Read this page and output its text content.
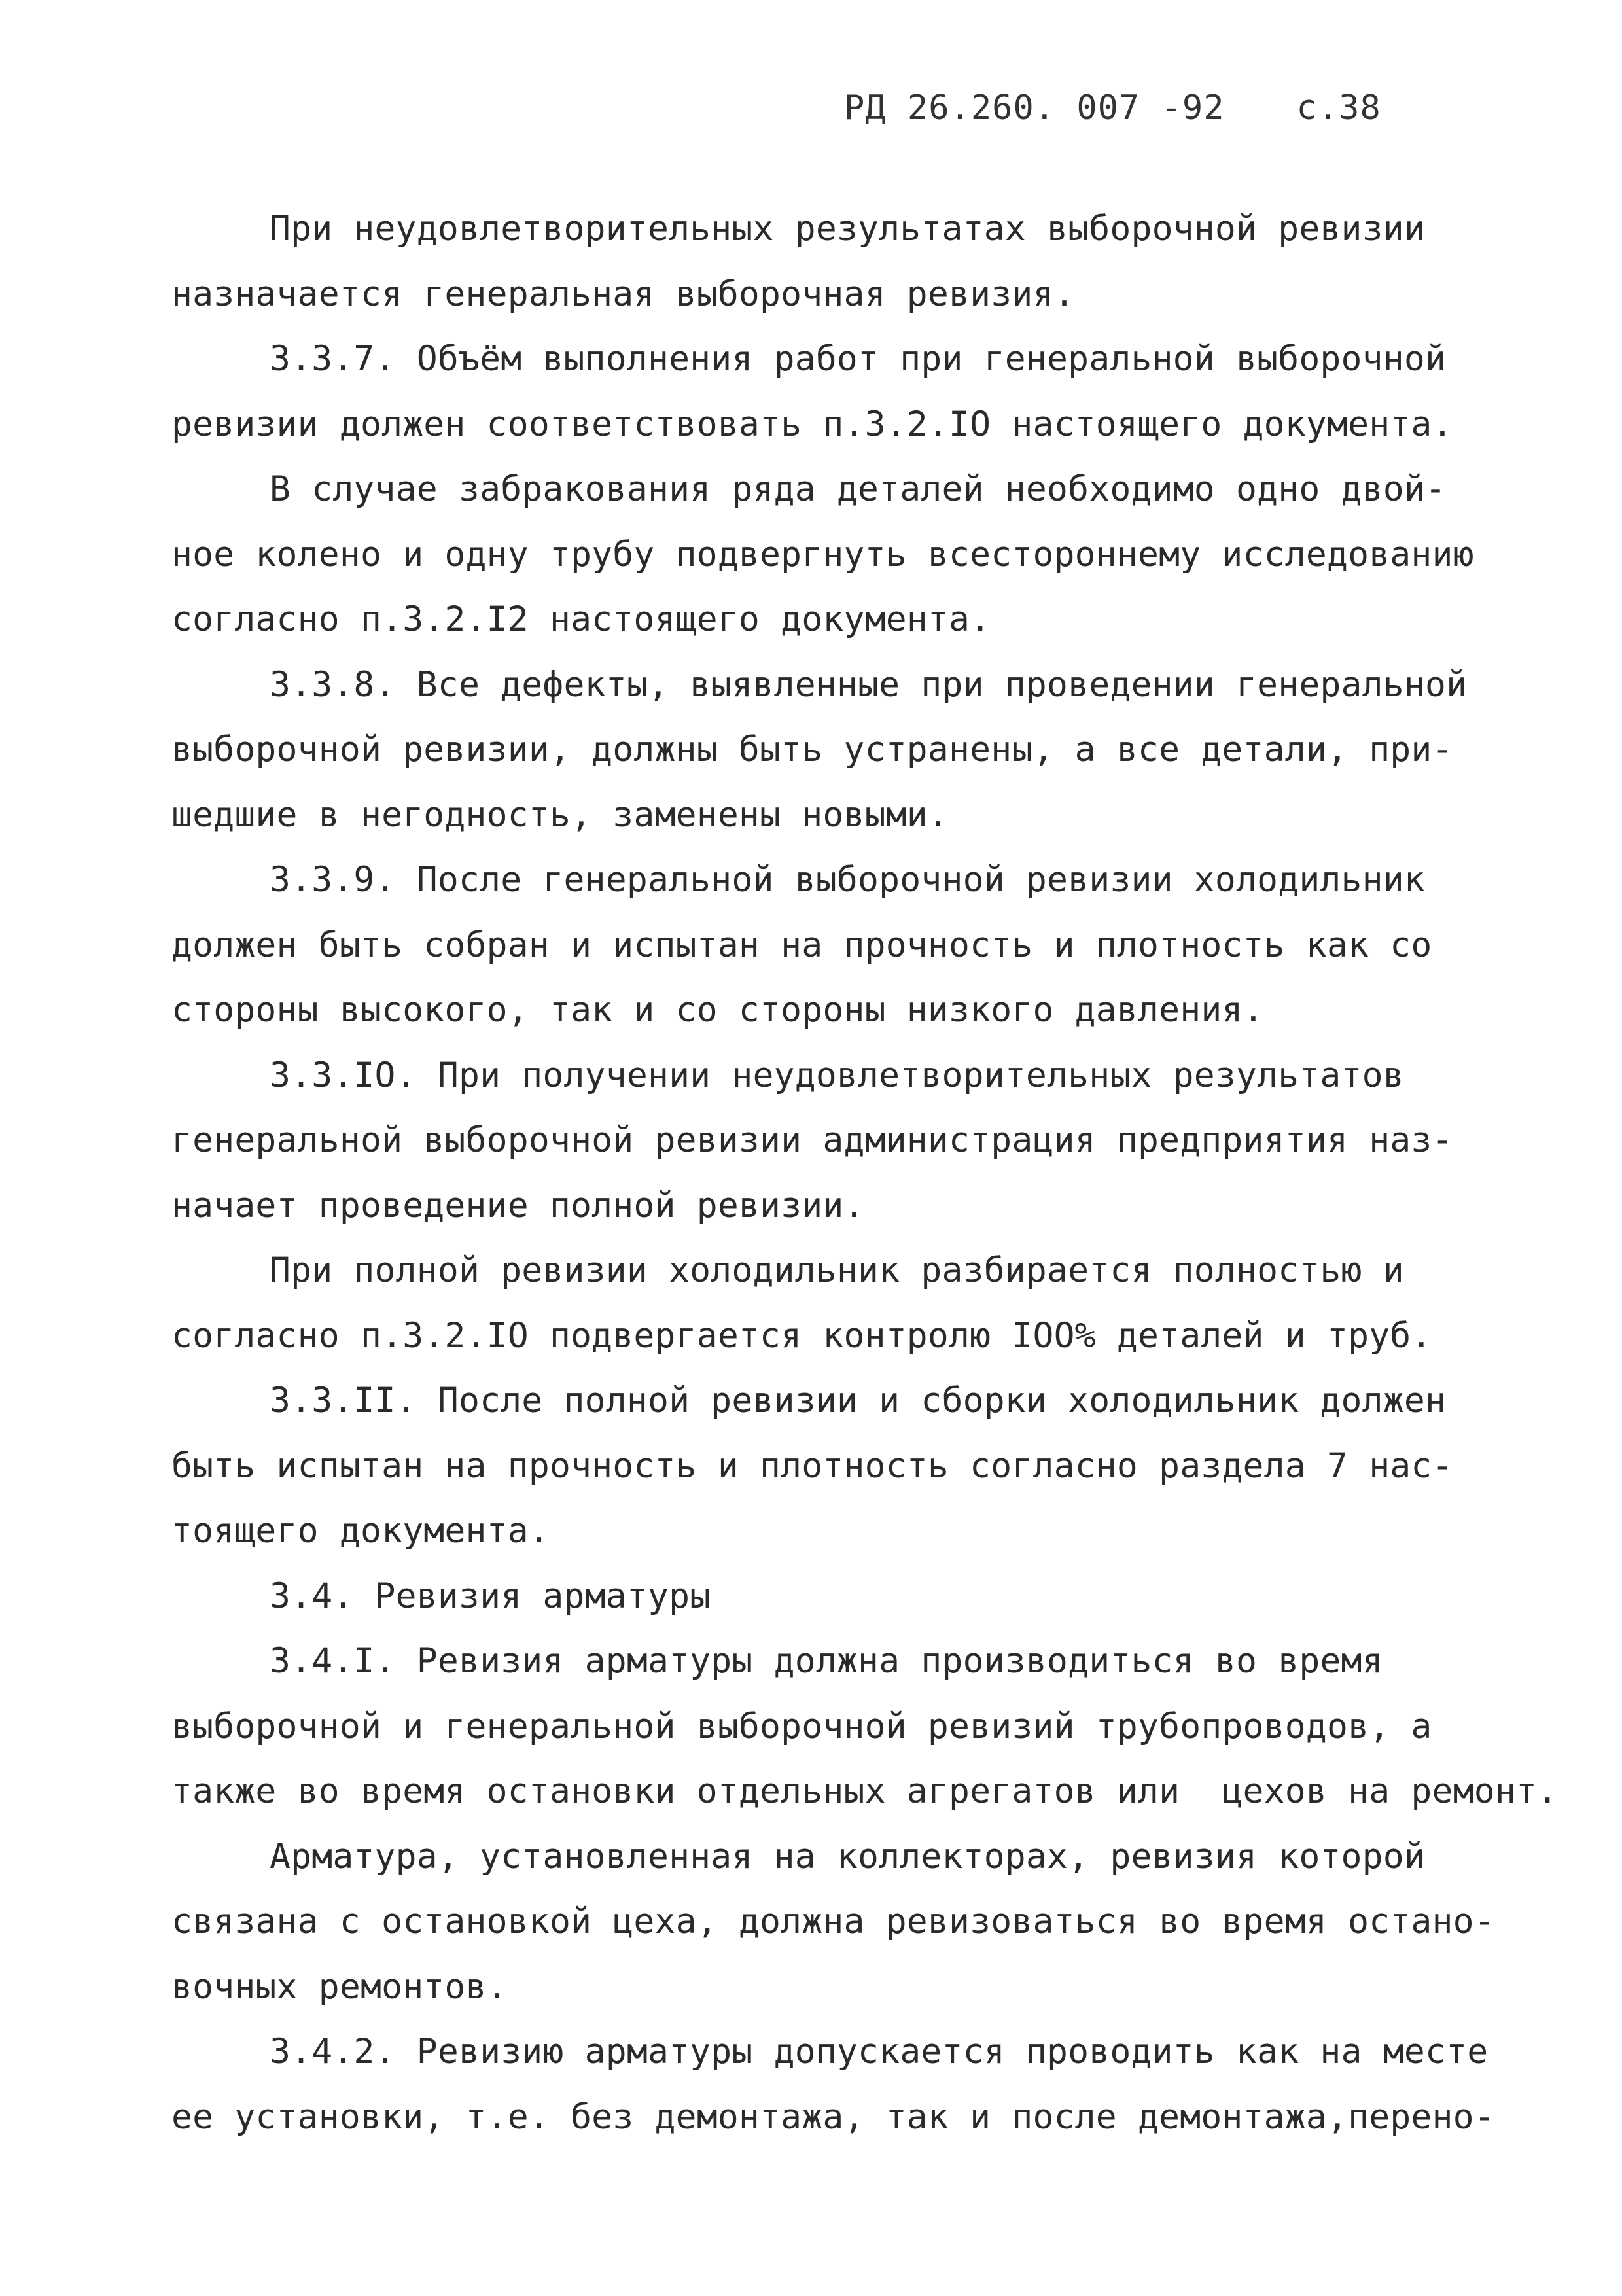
РД 26.260. 007 -92 с.38
При неудовлетворительных результатах выборочной ревизии
назначается генеральная выборочная ревизия.
3.3.7. Объём выполнения работ при генеральной выборочной
ревизии должен соответствовать п.3.2.IO настоящего документа.
В случае забракования ряда деталей необходимо одно двой-
ное колено и одну трубу подвергнуть всестороннему исследованию
согласно п.3.2.I2 настоящего документа.
3.3.8. Все дефекты, выявленные при проведении генеральной
выборочной ревизии, должны быть устранены, а все детали, при-
шедшие в негодность, заменены новыми.
3.3.9. После генеральной выборочной ревизии холодильник
должен быть собран и испытан на прочность и плотность как со
стороны высокого, так и со стороны низкого давления.
3.3.IO. При получении неудовлетворительных результатов
генеральной выборочной ревизии администрация предприятия наз-
начает проведение полной ревизии.
При полной ревизии холодильник разбирается полностью и
согласно п.3.2.IO подвергается контролю IOO% деталей и труб.
3.3.II. После полной ревизии и сборки холодильник должен
быть испытан на прочность и плотность согласно раздела 7 нас-
тоящего документа.
3.4. Ревизия арматуры
3.4.I. Ревизия арматуры должна производиться во время
выборочной и генеральной выборочной ревизий трубопроводов, а
также во время остановки отдельных агрегатов или  цехов на ремонт.
Арматура, установленная на коллекторах, ревизия которой
связана с остановкой цеха, должна ревизоваться во время остано-
вочных ремонтов.
3.4.2. Ревизию арматуры допускается проводить как на месте
ее установки, т.е. без демонтажа, так и после демонтажа,перено-
